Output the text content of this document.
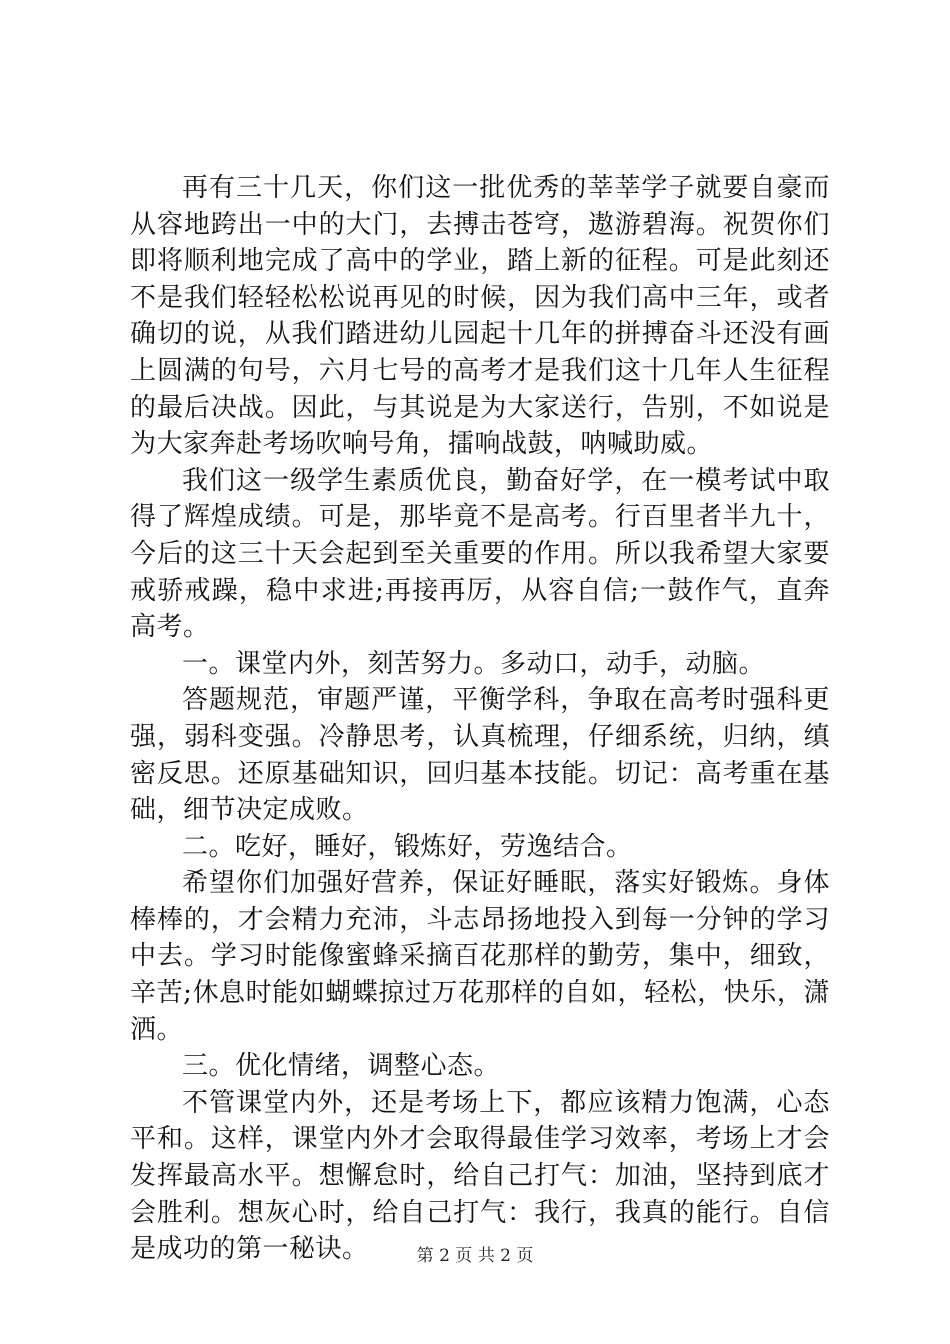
再有三十几天，你们这一批优秀的莘莘学子就要自豪而从容地跨出一中的大门，去搏击苍穹，遨游碧海。祝贺你们即将顺利地完成了高中的学业，踏上新的征程。可是此刻还不是我们轻轻松松说再见的时候，因为我们高中三年，或者确切的说，从我们踏进幼儿园起十几年的拼搏奋斗还没有画上圆满的句号，六月七号的高考才是我们这十几年人生征程的最后决战。因此，与其说是为大家送行，告别，不如说是为大家奔赴考场吹响号角，擂响战鼓，呐喊助威。

我们这一级学生素质优良，勤奋好学，在一模考试中取得了辉煌成绩。可是，那毕竟不是高考。行百里者半九十，今后的这三十天会起到至关重要的作用。所以我希望大家要戒骄戒躁，稳中求进;再接再厉，从容自信;一鼓作气，直奔高考。

一。课堂内外，刻苦努力。多动口，动手，动脑。

答题规范，审题严谨，平衡学科，争取在高考时强科更强，弱科变强。冷静思考，认真梳理，仔细系统，归纳，缜密反思。还原基础知识，回归基本技能。切记：高考重在基础，细节决定成败。

二。吃好，睡好，锻炼好，劳逸结合。

希望你们加强好营养，保证好睡眠，落实好锻炼。身体棒棒的，才会精力充沛，斗志昂扬地投入到每一分钟的学习中去。学习时能像蜜蜂采摘百花那样的勤劳，集中，细致，辛苦;休息时能如蝴蝶掠过万花那样的自如，轻松，快乐，潇洒。

三。优化情绪，调整心态。

不管课堂内外，还是考场上下，都应该精力饱满，心态平和。这样，课堂内外才会取得最佳学习效率，考场上才会发挥最高水平。想懈怠时，给自己打气：加油，坚持到底才会胜利。想灰心时，给自己打气：我行，我真的能行。自信是成功的第一秘诀。	第 2 页 共 2 页
